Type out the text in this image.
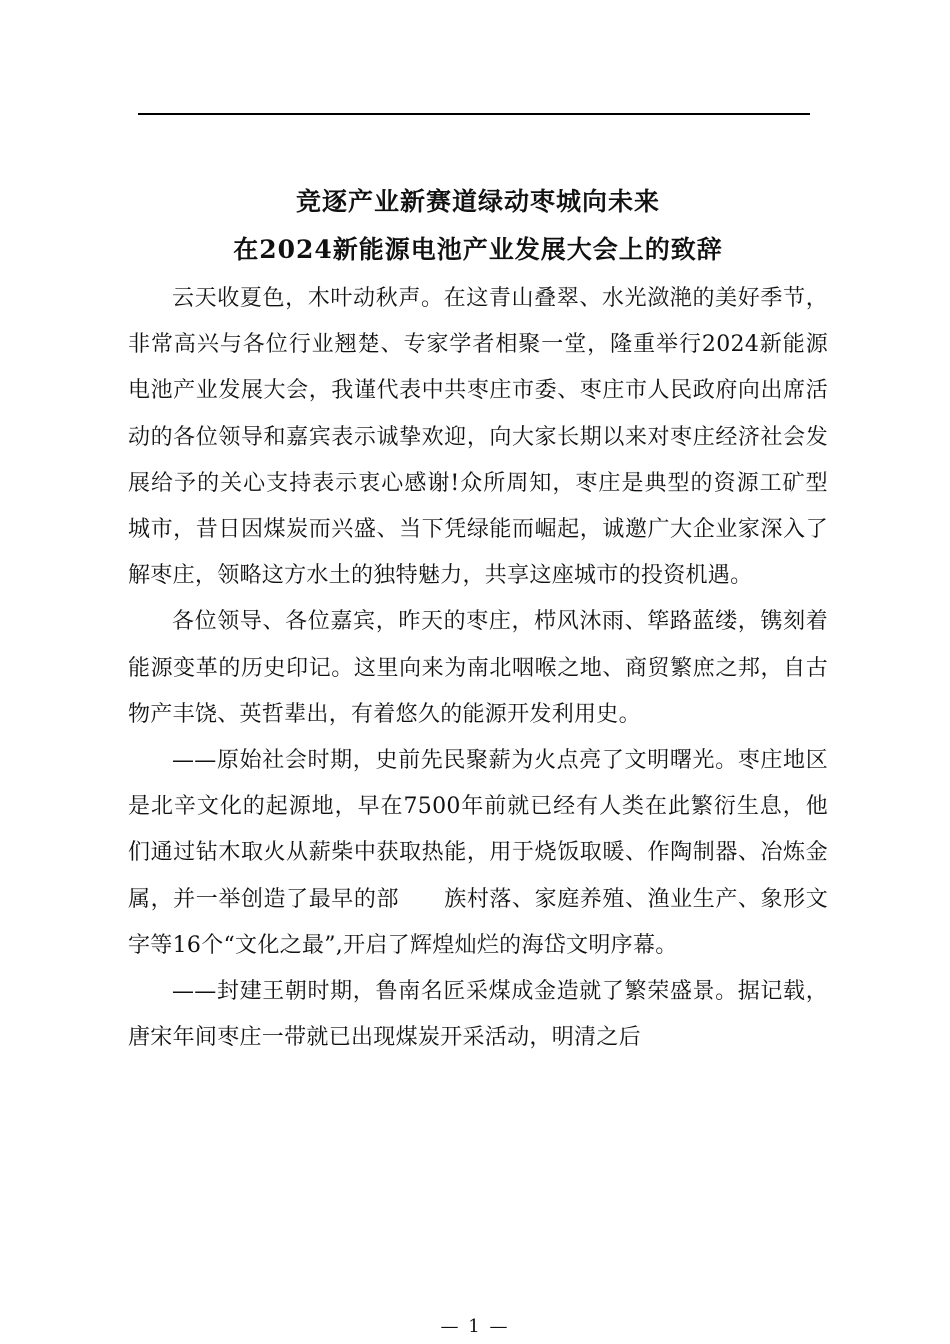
竞逐产业新赛道绿动枣城向未来
在2024新能源电池产业发展大会上的致辞

云天收夏色，木叶动秋声。在这青山叠翠、水光潋滟的美好季节，非常高兴与各位行业翘楚、专家学者相聚一堂，隆重举行2024新能源电池产业发展大会，我谨代表中共枣庄市委、枣庄市人民政府向出席活动的各位领导和嘉宾表示诚挚欢迎，向大家长期以来对枣庄经济社会发展给予的关心支持表示衷心感谢!众所周知，枣庄是典型的资源工矿型城市，昔日因煤炭而兴盛、当下凭绿能而崛起，诚邀广大企业家深入了解枣庄，领略这方水土的独特魅力，共享这座城市的投资机遇。

各位领导、各位嘉宾，昨天的枣庄，栉风沐雨、筚路蓝缕，镌刻着能源变革的历史印记。这里向来为南北咽喉之地、商贸繁庶之邦，自古物产丰饶、英哲辈出，有着悠久的能源开发利用史。

——原始社会时期，史前先民聚薪为火点亮了文明曙光。枣庄地区是北辛文化的起源地，早在7500年前就已经有人类在此繁衍生息，他们通过钻木取火从薪柴中获取热能，用于烧饭取暖、作陶制器、冶炼金属，并一举创造了最早的部　　族村落、家庭养殖、渔业生产、象形文字等16个“文化之最”,开启了辉煌灿烂的海岱文明序幕。

——封建王朝时期，鲁南名匠采煤成金造就了繁荣盛景。据记载，唐宋年间枣庄一带就已出现煤炭开采活动，明清之后

— 1 —
